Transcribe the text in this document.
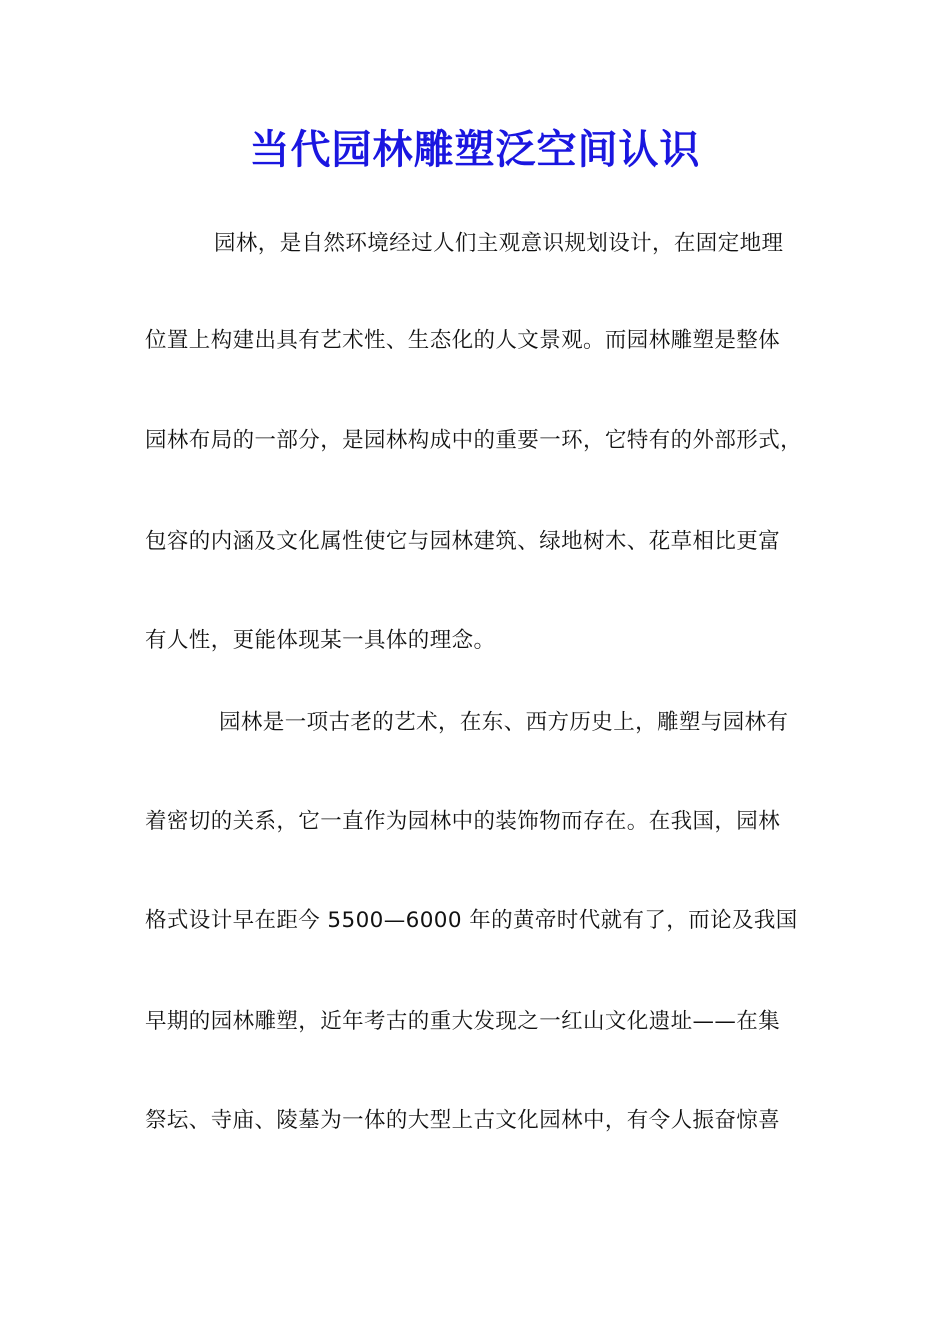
当代园林雕塑泛空间认识
园林，是自然环境经过人们主观意识规划设计，在固定地理
位置上构建出具有艺术性、生态化的人文景观。而园林雕塑是整体
园林布局的一部分，是园林构成中的重要一环，它特有的外部形式，
包容的内涵及文化属性使它与园林建筑、绿地树木、花草相比更富
有人性，更能体现某一具体的理念。
园林是一项古老的艺术，在东、西方历史上，雕塑与园林有
着密切的关系，它一直作为园林中的装饰物而存在。在我国，园林
格式设计早在距今 5500—6000 年的黄帝时代就有了，而论及我国
早期的园林雕塑，近年考古的重大发现之一红山文化遗址——在集
祭坛、寺庙、陵墓为一体的大型上古文化园林中，有令人振奋惊喜
